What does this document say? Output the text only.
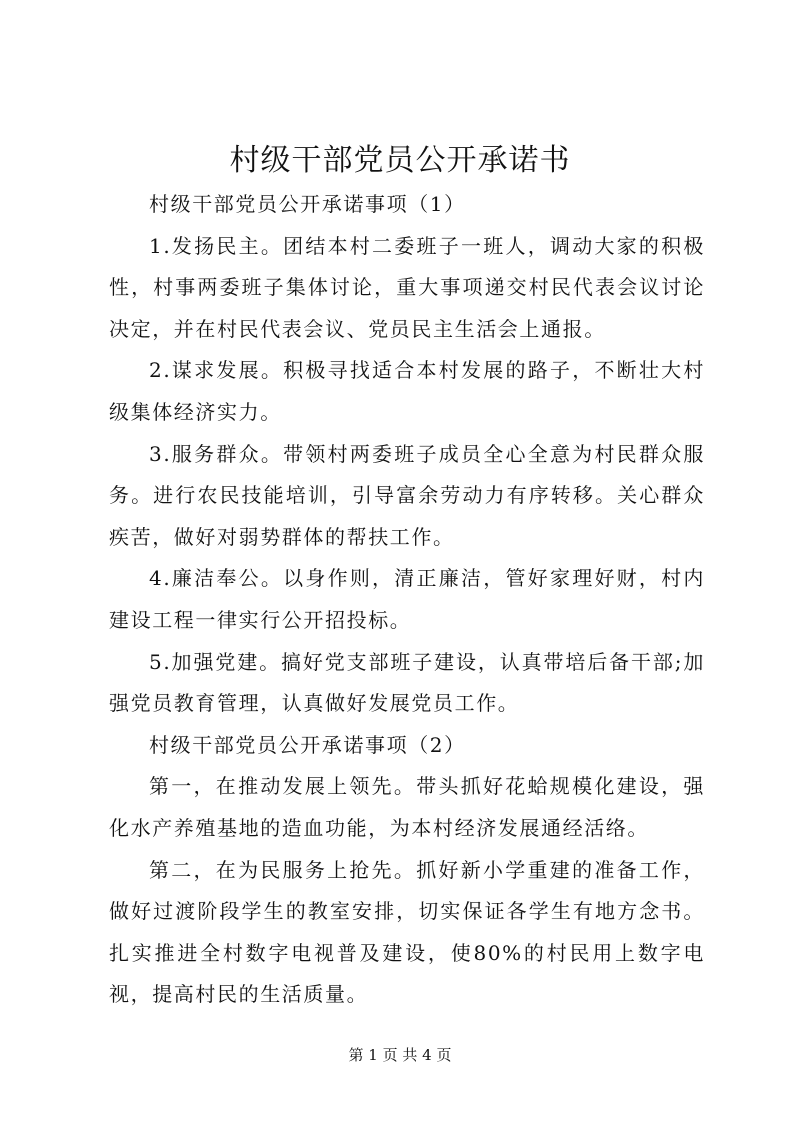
村级干部党员公开承诺书

村级干部党员公开承诺事项（1）

1.发扬民主。团结本村二委班子一班人，调动大家的积极性，村事两委班子集体讨论，重大事项递交村民代表会议讨论决定，并在村民代表会议、党员民主生活会上通报。

2.谋求发展。积极寻找适合本村发展的路子，不断壮大村级集体经济实力。

3.服务群众。带领村两委班子成员全心全意为村民群众服务。进行农民技能培训，引导富余劳动力有序转移。关心群众疾苦，做好对弱势群体的帮扶工作。

4.廉洁奉公。以身作则，清正廉洁，管好家理好财，村内建设工程一律实行公开招投标。

5.加强党建。搞好党支部班子建设，认真带培后备干部;加强党员教育管理，认真做好发展党员工作。

村级干部党员公开承诺事项（2）

第一，在推动发展上领先。带头抓好花蛤规模化建设，强化水产养殖基地的造血功能，为本村经济发展通经活络。

第二，在为民服务上抢先。抓好新小学重建的准备工作，做好过渡阶段学生的教室安排，切实保证各学生有地方念书。扎实推进全村数字电视普及建设，使80%的村民用上数字电视，提高村民的生活质量。

第 1 页 共 4 页
